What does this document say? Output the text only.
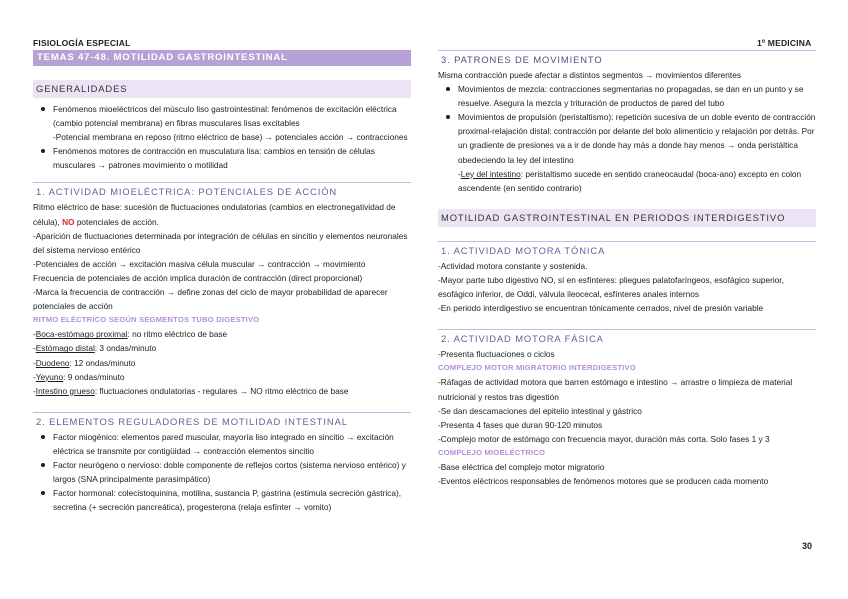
FISIOLOGÍA ESPECIAL	1º MEDICINA
TEMAS 47-48. MOTILIDAD GASTROINTESTINAL
GENERALIDADES
Fenómenos mioeléctricos del músculo liso gastrointestinal: fenómenos de excitación eléctrica (cambio potencial membrana) en fibras musculares lisas excitables
-Potencial membrana en reposo (ritmo eléctrico de base) → potenciales acción → contracciones
Fenómenos motores de contracción en musculatura lisa: cambios en tensión de células musculares → patrones movimiento o motilidad
1. ACTIVIDAD MIOELÉCTRICA: POTENCIALES DE ACCIÓN
Ritmo eléctrico de base: sucesión de fluctuaciones ondulatorias (cambios en electronegatividad de célula), NO potenciales de acción.
-Aparición de fluctuaciones determinada por integración de células en sincitio y elementos neuronales del sistema nervioso entérico
-Potenciales de acción → excitación masiva célula muscular → contracción → movimiento
Frecuencia de potenciales de acción implica duración de contracción (direct proporcional)
-Marca la frecuencia de contracción → define zonas del ciclo de mayor probabilidad de aparecer potenciales de acción
RITMO ELÉCTRICO SEGÚN SEGMENTOS TUBO DIGESTIVO
-Boca-estómago proximal: no ritmo eléctrico de base
-Estómago distal: 3 ondas/minuto
-Duodeno: 12 ondas/minuto
-Yeyuno: 9 ondas/minuto
-Intestino grueso: fluctuaciones ondulatorias - regulares → NO ritmo eléctrico de base
2. ELEMENTOS REGULADORES DE MOTILIDAD INTESTINAL
Factor miogénico: elementos pared muscular, mayoría liso integrado en sincitio → excitación eléctrica se transmite por contigüidad → contracción elementos sincitio
Factor neurógeno o nervioso: doble componente de reflejos cortos (sistema nervioso entérico) y largos (SNA principalmente parasimpático)
Factor hormonal: colecistoquinina, motilina, sustancia P, gastrina (estimula secreción gástrica), secretina (+ secreción pancreática), progesterona (relaja esfínter → vomito)
3. PATRONES DE MOVIMIENTO
Misma contracción puede afectar a distintos segmentos → movimientos diferentes
Movimientos de mezcla: contracciones segmentarias no propagadas, se dan en un punto y se resuelve. Asegura la mezcla y trituración de productos de pared del tubo
Movimientos de propulsión (peristaltismo): repetición sucesiva de un doble evento de contracción proximal-relajación distal: contracción por delante del bolo alimenticio y relajación por detrás. Por un gradiente de presiones va a ir de donde hay más a donde hay menos → onda peristáltica obedeciendo la ley del intestino
-Ley del intestino: peristaltismo sucede en sentido craneocaudal (boca-ano) excepto en colon ascendente (en sentido contrario)
MOTILIDAD GASTROINTESTINAL EN PERIODOS INTERDIGESTIVO
1. ACTIVIDAD MOTORA TÓNICA
-Actividad motora constante y sostenida.
-Mayor parte tubo digestivo NO, sí en esfínteres: pliegues palatofaríngeos, esofágico superior, esofágico inferior, de Oddi, válvula ileocecal, esfínteres anales internos
-En periodo interdigestivo se encuentran tónicamente cerrados, nivel de presión variable
2. ACTIVIDAD MOTORA FÁSICA
-Presenta fluctuaciones o ciclos
COMPLEJO MOTOR MIGRATORIO INTERDIGESTIVO
-Ráfagas de actividad motora que barren estómago e intestino → arrastre o limpieza de material nutricional y restos tras digestión
-Se dan descamaciones del epitelio intestinal y gástrico
-Presenta 4 fases que duran 90-120 minutos
-Complejo motor de estómago con frecuencia mayor, duración más corta. Solo fases 1 y 3
COMPLEJO MIOELÉCTRICO
-Base eléctrica del complejo motor migratorio
-Eventos eléctricos responsables de fenómenos motores que se producen cada momento
30
